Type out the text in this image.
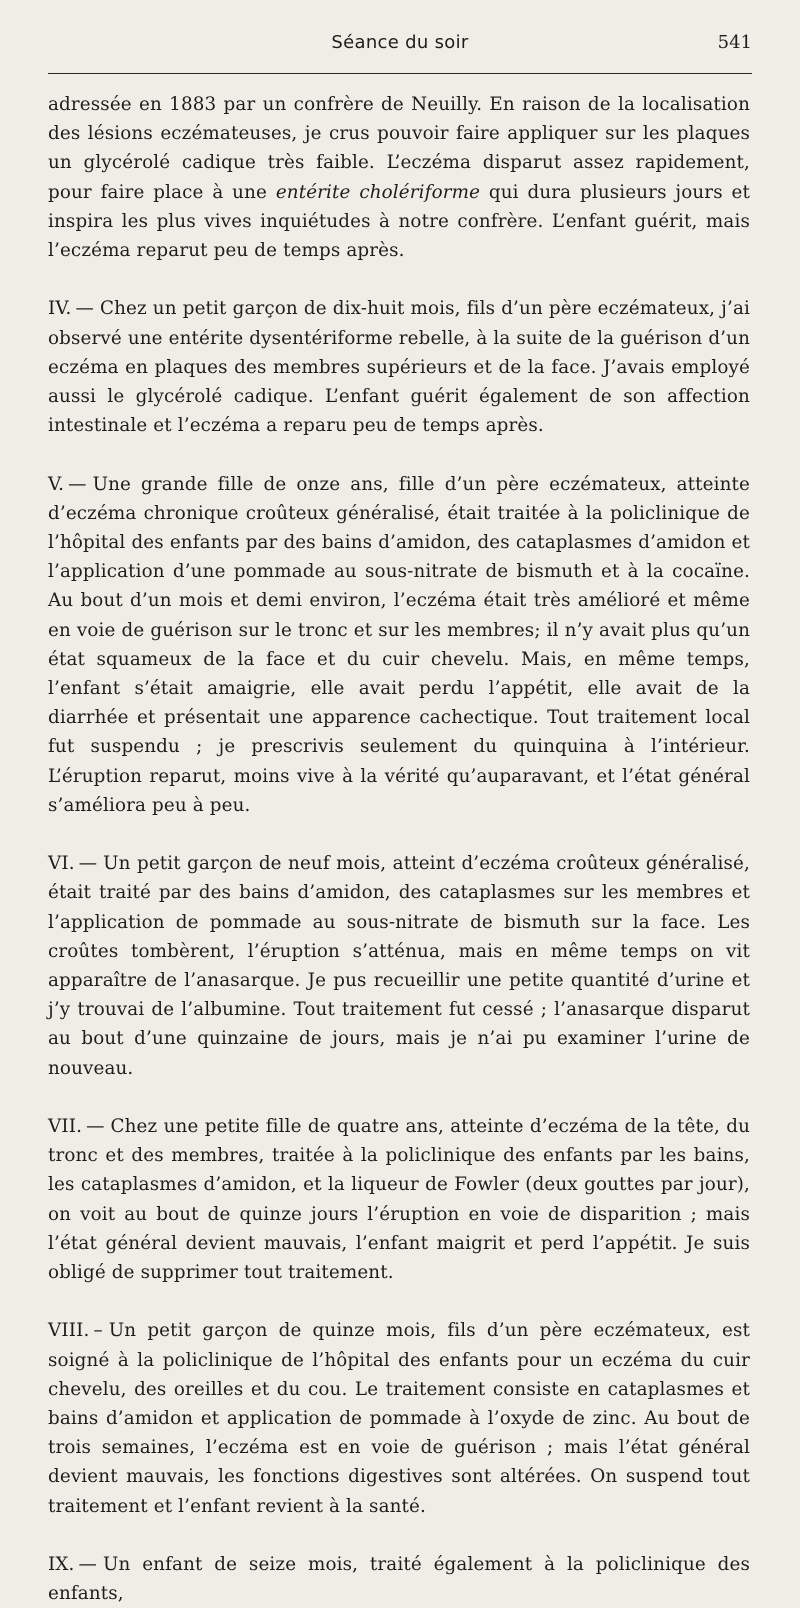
Séance du soir	541

adressée en 1883 par un confrère de Neuilly. En raison de la localisation des lésions eczémateuses, je crus pouvoir faire appliquer sur les plaques un glycérolé cadique très faible. L’eczéma disparut assez rapidement, pour faire place à une entérite cholériforme qui dura plusieurs jours et inspira les plus vives inquiétudes à notre confrère. L’enfant guérit, mais l’eczéma reparut peu de temps après.

IV. — Chez un petit garçon de dix-huit mois, fils d’un père eczémateux, j’ai observé une entérite dysentériforme rebelle, à la suite de la guérison d’un eczéma en plaques des membres supérieurs et de la face. J’avais employé aussi le glycérolé cadique. L’enfant guérit également de son affection intestinale et l’eczéma a reparu peu de temps après.

V. — Une grande fille de onze ans, fille d’un père eczémateux, atteinte d’eczéma chronique croûteux généralisé, était traitée à la policlinique de l’hôpital des enfants par des bains d’amidon, des cataplasmes d’amidon et l’application d’une pommade au sous-nitrate de bismuth et à la cocaïne. Au bout d’un mois et demi environ, l’eczéma était très amélioré et même en voie de guérison sur le tronc et sur les membres; il n’y avait plus qu’un état squameux de la face et du cuir chevelu. Mais, en même temps, l’enfant s’était amaigrie, elle avait perdu l’appétit, elle avait de la diarrhée et présentait une apparence cachectique. Tout traitement local fut suspendu ; je prescrivis seulement du quinquina à l’intérieur. L’éruption reparut, moins vive à la vérité qu’auparavant, et l’état général s’améliora peu à peu.

VI. — Un petit garçon de neuf mois, atteint d’eczéma croûteux généralisé, était traité par des bains d’amidon, des cataplasmes sur les membres et l’application de pommade au sous-nitrate de bismuth sur la face. Les croûtes tombèrent, l’éruption s’atténua, mais en même temps on vit apparaître de l’anasarque. Je pus recueillir une petite quantité d’urine et j’y trouvai de l’albumine. Tout traitement fut cessé ; l’anasarque disparut au bout d’une quinzaine de jours, mais je n’ai pu examiner l’urine de nouveau.

VII. — Chez une petite fille de quatre ans, atteinte d’eczéma de la tête, du tronc et des membres, traitée à la policlinique des enfants par les bains, les cataplasmes d’amidon, et la liqueur de Fowler (deux gouttes par jour), on voit au bout de quinze jours l’éruption en voie de disparition ; mais l’état général devient mauvais, l’enfant maigrit et perd l’appétit. Je suis obligé de supprimer tout traitement.

VIII. – Un petit garçon de quinze mois, fils d’un père eczémateux, est soigné à la policlinique de l’hôpital des enfants pour un eczéma du cuir chevelu, des oreilles et du cou. Le traitement consiste en cataplasmes et bains d’amidon et application de pommade à l’oxyde de zinc. Au bout de trois semaines, l’eczéma est en voie de guérison ; mais l’état général devient mauvais, les fonctions digestives sont altérées. On suspend tout traitement et l’enfant revient à la santé.

IX. — Un enfant de seize mois, traité également à la policlinique des enfants,
